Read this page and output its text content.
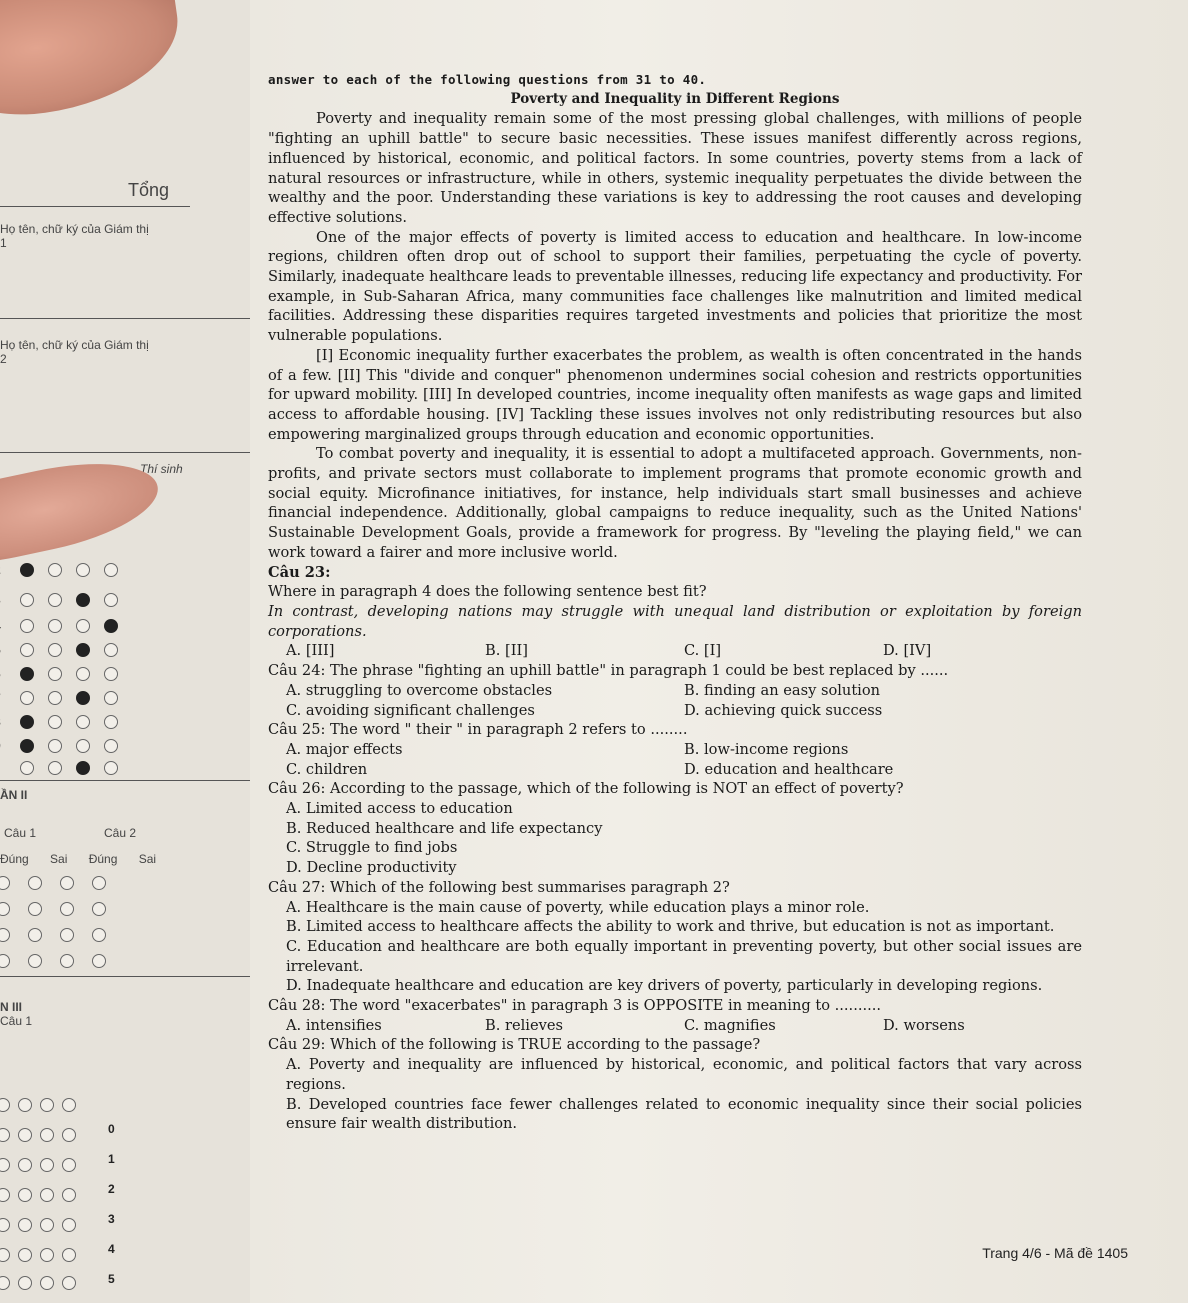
Tổng
Họ tên, chữ ký của Giám thị 1
Họ tên, chữ ký của Giám thị 2
Thí sinh
ẦN II
Câu 1	Câu 2
Đúng Sai Đúng Sai
N III
Câu 1
0
1
2
3
4
5

answer to each of the following questions from 31 to 40.

Poverty and Inequality in Different Regions

Poverty and inequality remain some of the most pressing global challenges, with millions of people "fighting an uphill battle" to secure basic necessities. These issues manifest differently across regions, influenced by historical, economic, and political factors. In some countries, poverty stems from a lack of natural resources or infrastructure, while in others, systemic inequality perpetuates the divide between the wealthy and the poor. Understanding these variations is key to addressing the root causes and developing effective solutions.

One of the major effects of poverty is limited access to education and healthcare. In low-income regions, children often drop out of school to support their families, perpetuating the cycle of poverty. Similarly, inadequate healthcare leads to preventable illnesses, reducing life expectancy and productivity. For example, in Sub-Saharan Africa, many communities face challenges like malnutrition and limited medical facilities. Addressing these disparities requires targeted investments and policies that prioritize the most vulnerable populations.

[I] Economic inequality further exacerbates the problem, as wealth is often concentrated in the hands of a few. [II] This "divide and conquer" phenomenon undermines social cohesion and restricts opportunities for upward mobility. [III] In developed countries, income inequality often manifests as wage gaps and limited access to affordable housing. [IV] Tackling these issues involves not only redistributing resources but also empowering marginalized groups through education and economic opportunities.

To combat poverty and inequality, it is essential to adopt a multifaceted approach. Governments, non-profits, and private sectors must collaborate to implement programs that promote economic growth and social equity. Microfinance initiatives, for instance, help individuals start small businesses and achieve financial independence. Additionally, global campaigns to reduce inequality, such as the United Nations' Sustainable Development Goals, provide a framework for progress. By "leveling the playing field," we can work toward a fairer and more inclusive world.

Câu 23:

Where in paragraph 4 does the following sentence best fit?

In contrast, developing nations may struggle with unequal land distribution or exploitation by foreign corporations.

A. [III]	B. [II]	C. [I]	D. [IV]

Câu 24: The phrase "fighting an uphill battle" in paragraph 1 could be best replaced by ......

A. struggling to overcome obstacles	B. finding an easy solution
C. avoiding significant challenges	D. achieving quick success

Câu 25: The word " their " in paragraph 2 refers to ........

A. major effects	B. low-income regions
C. children	D. education and healthcare

Câu 26: According to the passage, which of the following is NOT an effect of poverty?

A. Limited access to education

B. Reduced healthcare and life expectancy

C. Struggle to find jobs

D. Decline productivity

Câu 27: Which of the following best summarises paragraph 2?

A. Healthcare is the main cause of poverty, while education plays a minor role.

B. Limited access to healthcare affects the ability to work and thrive, but education is not as important.

C. Education and healthcare are both equally important in preventing poverty, but other social issues are irrelevant.

D. Inadequate healthcare and education are key drivers of poverty, particularly in developing regions.

Câu 28: The word "exacerbates" in paragraph 3 is OPPOSITE in meaning to ..........

A. intensifies	B. relieves	C. magnifies	D. worsens

Câu 29: Which of the following is TRUE according to the passage?

A. Poverty and inequality are influenced by historical, economic, and political factors that vary across regions.

B. Developed countries face fewer challenges related to economic inequality since their social policies ensure fair wealth distribution.

Trang 4/6 - Mã đề 1405
